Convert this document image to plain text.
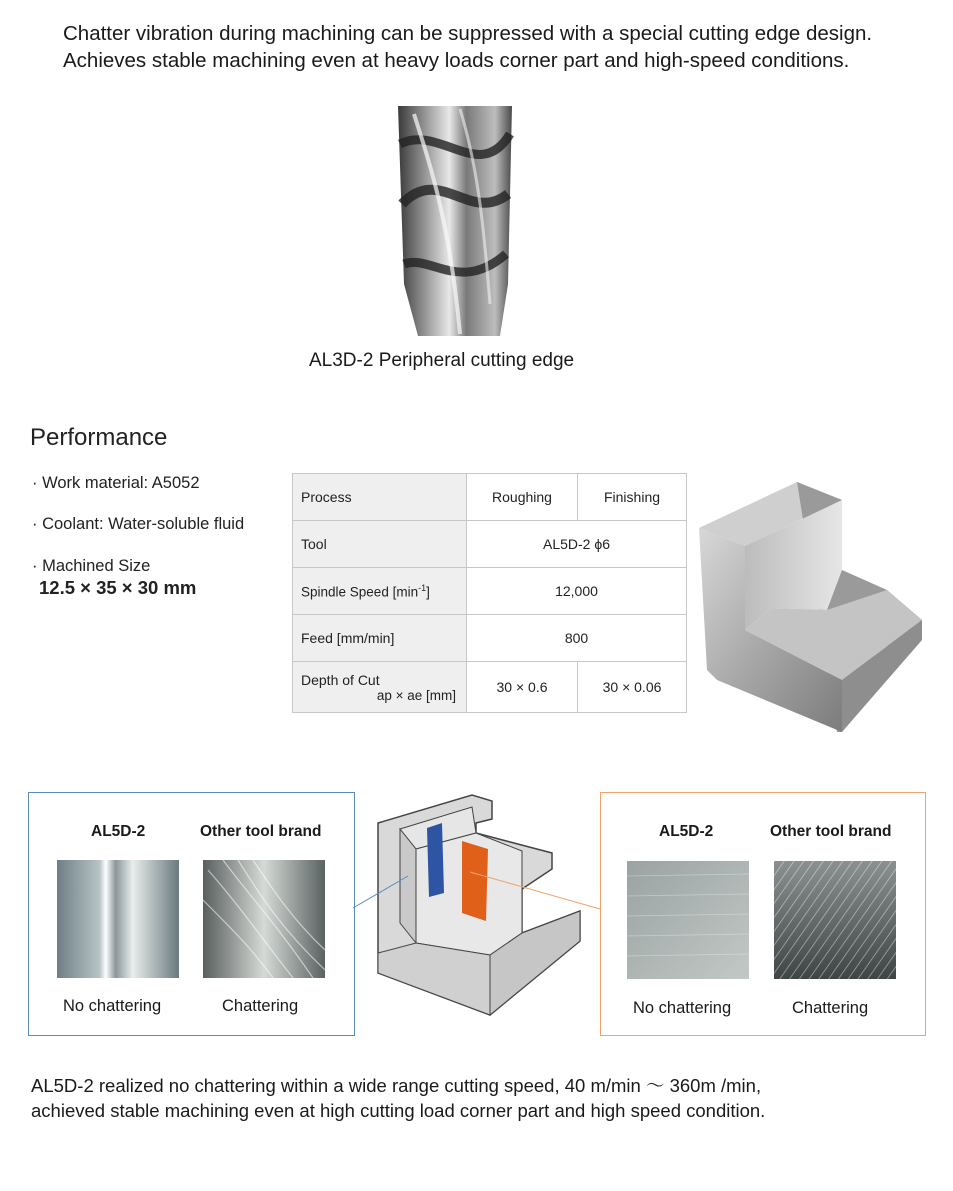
Chatter vibration during machining can be suppressed with a special cutting edge design.
Achieves stable machining even at heavy loads corner part and high-speed conditions.
AL3D-2 Peripheral cutting edge
Performance
· Work material: A5052
· Coolant: Water-soluble fluid
· Machined Size
12.5 × 35 × 30 mm
Process	Roughing	Finishing
Tool	AL5D-2 ϕ6	
Spindle Speed $[\min^{-1}]$	12,000	
Feed [mm/min]	800	
Depth of Cut
ap × ae [mm]	30 × 0.6	30 × 0.06
AL5D-2	Other tool brand
No chattering	Chattering
AL5D-2	Other tool brand
No chattering	Chattering
AL5D-2 realized no chattering within a wide range cutting speed, 40 m/min 〜 360m /min,
achieved stable machining even at high cutting load corner part and high speed condition.
